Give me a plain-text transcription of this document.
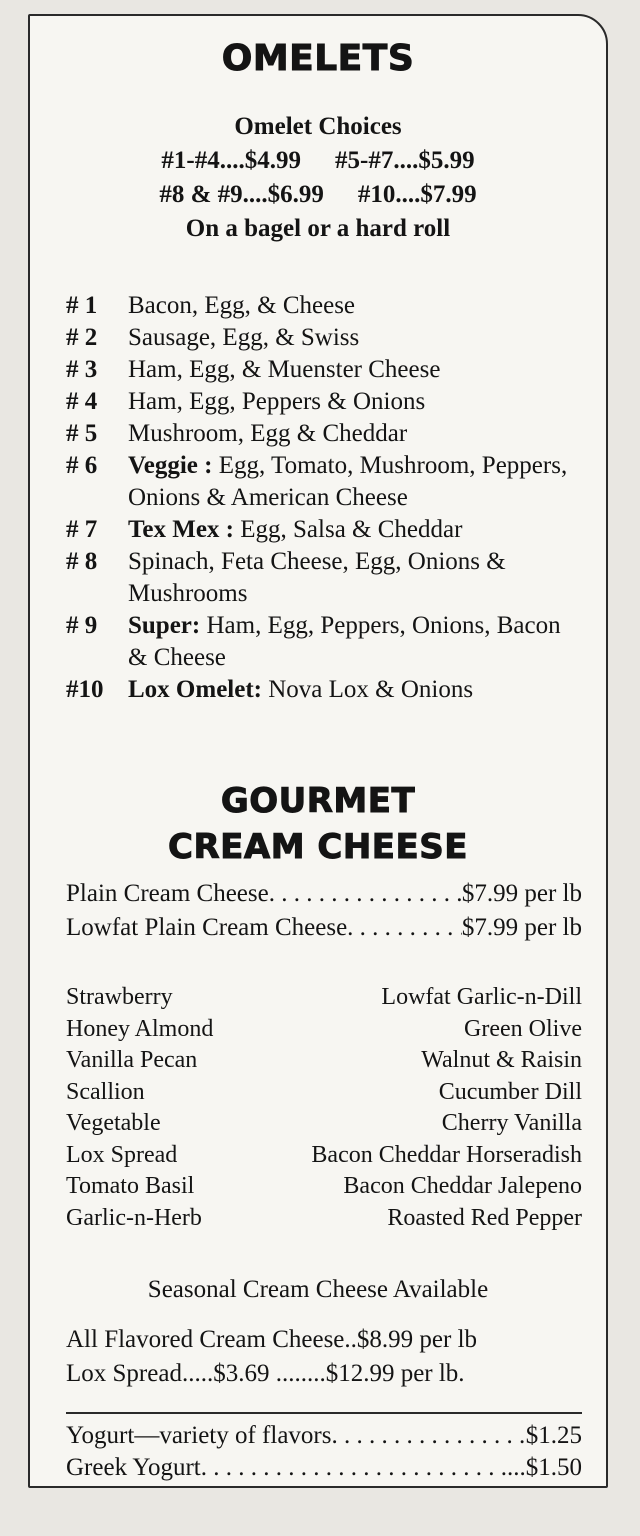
OMELETS
Omelet Choices
#1-#4....$4.99 #5-#7....$5.99
#8 & #9....$6.99 #10....$7.99
On a bagel or a hard roll
# 1	Bacon, Egg, & Cheese
# 2	Sausage, Egg, & Swiss
# 3	Ham, Egg, & Muenster Cheese
# 4	Ham, Egg, Peppers & Onions
# 5	Mushroom, Egg & Cheddar
# 6	Veggie : Egg, Tomato, Mushroom, Peppers, Onions & American Cheese
# 7	Tex Mex : Egg, Salsa & Cheddar
# 8	Spinach, Feta Cheese, Egg, Onions & Mushrooms
# 9	Super: Ham, Egg, Peppers, Onions, Bacon & Cheese
#10 Lox Omelet: Nova Lox & Onions
GOURMET
CREAM CHEESE
Plain Cream Cheese . . .	$7.99 per lb
Lowfat Plain Cream Cheese . . .	$7.99 per lb
Strawberry	Lowfat Garlic-n-Dill
Honey Almond	Green Olive
Vanilla Pecan	Walnut & Raisin
Scallion	Cucumber Dill
Vegetable	Cherry Vanilla
Lox Spread	Bacon Cheddar Horseradish
Tomato Basil	Bacon Cheddar Jalepeno
Garlic-n-Herb	Roasted Red Pepper
Seasonal Cream Cheese Available
All Flavored Cream Cheese..$8.99 per lb
Lox Spread.....$3.69 ........$12.99 per lb.
Yogurt—variety of flavors . . .	$1.25
Greek Yogurt . . .	...$1.50
